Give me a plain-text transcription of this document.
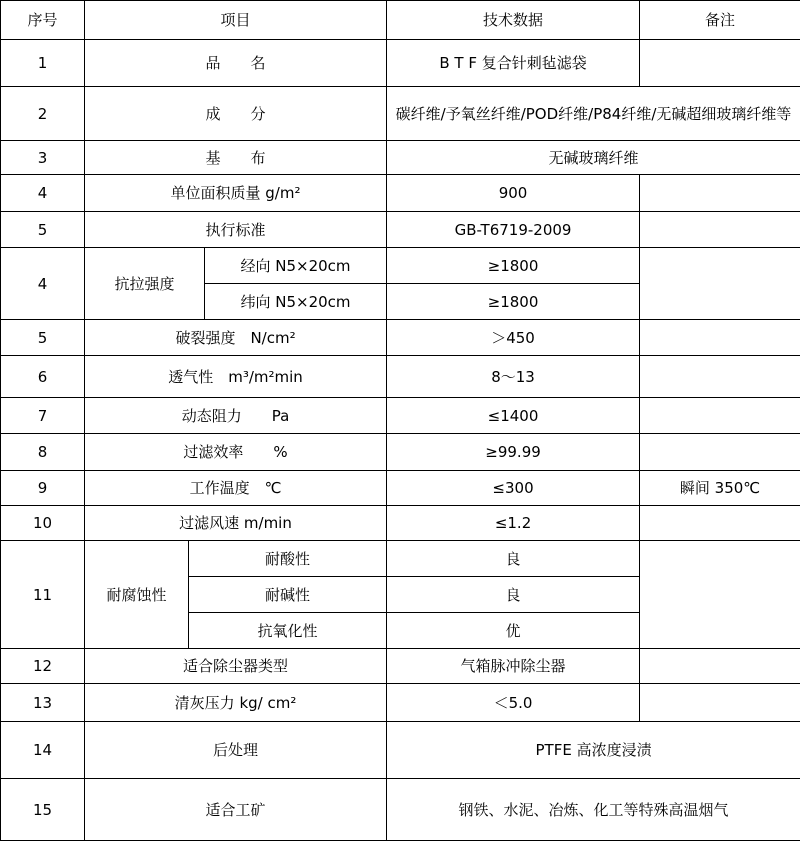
序号	项目			技术数据	备注
1	品　　名			B T F 复合针刺毡滤袋	
2	成　　分			碳纤维/予氧丝纤维/POD纤维/P84纤维/无碱超细玻璃纤维等	
3	基　　布			无碱玻璃纤维	
4	单位面积质量 g/m²			900	
5	执行标准			GB-T6719-2009	
4	抗拉强度		经向 N5×20cm	≥1800	
			纬向 N5×20cm	≥1800	
5	破裂强度　N/cm²			＞450	
6	透气性　m³/m²min			8～13	
7	动态阻力　　Pa			≤1400	
8	过滤效率　　%			≥99.99	
9	工作温度　℃			≤300	瞬间 350℃
10	过滤风速 m/min			≤1.2	
11	耐腐蚀性	耐酸性		良	
		耐碱性		良	
		抗氧化性		优	
12	适合除尘器类型			气箱脉冲除尘器	
13	清灰压力 kg/ cm²			＜5.0	
14	后处理			PTFE 高浓度浸渍	
15	适合工矿			钢铁、水泥、冶炼、化工等特殊高温烟气	
